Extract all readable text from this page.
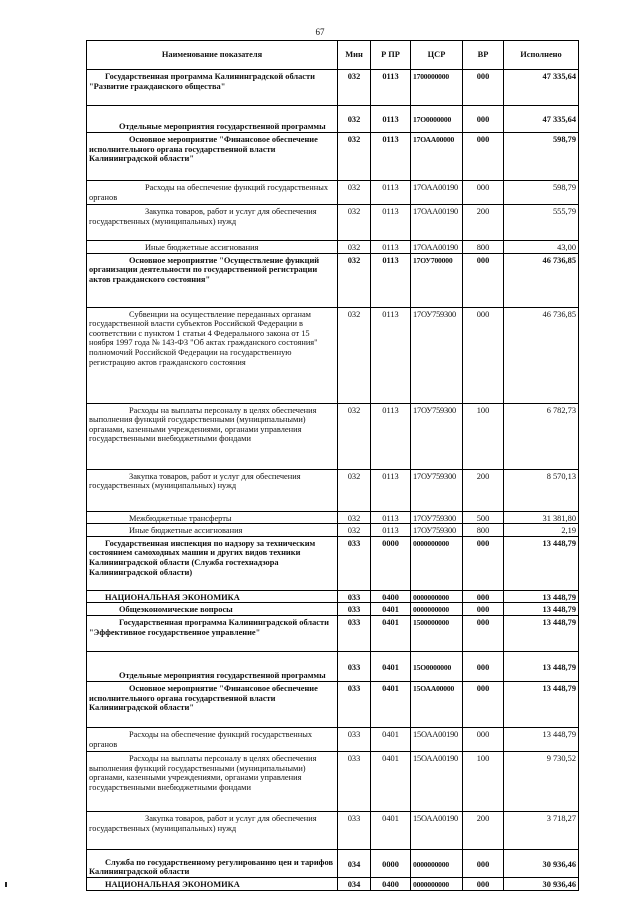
67
Наименование показателя	Мин	Р ПР	ЦСР	ВР	Исполнено
Государственная программа Калининградской области "Развитие гражданского общества"	032	0113	1700000000	000	47 335,64
Отдельные мероприятия государственной программы	032	0113	17О0000000	000	47 335,64
Основное мероприятие "Финансовое обеспечение исполнительного органа государственной власти Калининградской области"	032	0113	17ОАА00000	000	598,79
Расходы на обеспечение функций государственных органов	032	0113	17ОАА00190	000	598,79
Закупка товаров, работ и услуг для обеспечения государственных (муниципальных) нужд	032	0113	17ОАА00190	200	555,79
Иные бюджетные ассигнования	032	0113	17ОАА00190	800	43,00
Основное мероприятие "Осуществление функций организации деятельности по государственной регистрации актов гражданского состояния"	032	0113	17ОУ700000	000	46 736,85
Субвенции на осуществление переданных органам государственной власти субъектов Российской Федерации в соответствии с пунктом 1 статьи 4 Федерального закона от 15 ноября 1997 года № 143-ФЗ "Об актах гражданского состояния" полномочий Российской Федерации на государственную регистрацию актов гражданского состояния	032	0113	17ОУ759300	000	46 736,85
Расходы на выплаты персоналу в целях обеспечения выполнения функций государственными (муниципальными) органами, казенными учреждениями, органами управления государственными внебюджетными фондами	032	0113	17ОУ759300	100	6 782,73
Закупка товаров, работ и услуг для обеспечения государственных (муниципальных) нужд	032	0113	17ОУ759300	200	8 570,13
Межбюджетные трансферты	032	0113	17ОУ759300	500	31 381,80
Иные бюджетные ассигнования	032	0113	17ОУ759300	800	2,19
Государственная инспекция по надзору за техническим состоянием самоходных машин и других видов техники Калининградской области (Служба гостехнадзора Калининградской области)	033	0000	0000000000	000	13 448,79
НАЦИОНАЛЬНАЯ ЭКОНОМИКА	033	0400	0000000000	000	13 448,79
Общеэкономические вопросы	033	0401	0000000000	000	13 448,79
Государственная программа Калининградской области "Эффективное государственное управление"	033	0401	1500000000	000	13 448,79
Отдельные мероприятия государственной программы	033	0401	15О0000000	000	13 448,79
Основное мероприятие "Финансовое обеспечение исполнительного органа государственной власти Калининградской области"	033	0401	15ОАА00000	000	13 448,79
Расходы на обеспечение функций государственных органов	033	0401	15ОАА00190	000	13 448,79
Расходы на выплаты персоналу в целях обеспечения выполнения функций государственными (муниципальными) органами, казенными учреждениями, органами управления государственными внебюджетными фондами	033	0401	15ОАА00190	100	9 730,52
Закупка товаров, работ и услуг для обеспечения государственных (муниципальных) нужд	033	0401	15ОАА00190	200	3 718,27
Служба по государственному регулированию цен и тарифов Калининградской области	034	0000	0000000000	000	30 936,46
НАЦИОНАЛЬНАЯ ЭКОНОМИКА	034	0400	0000000000	000	30 936,46
